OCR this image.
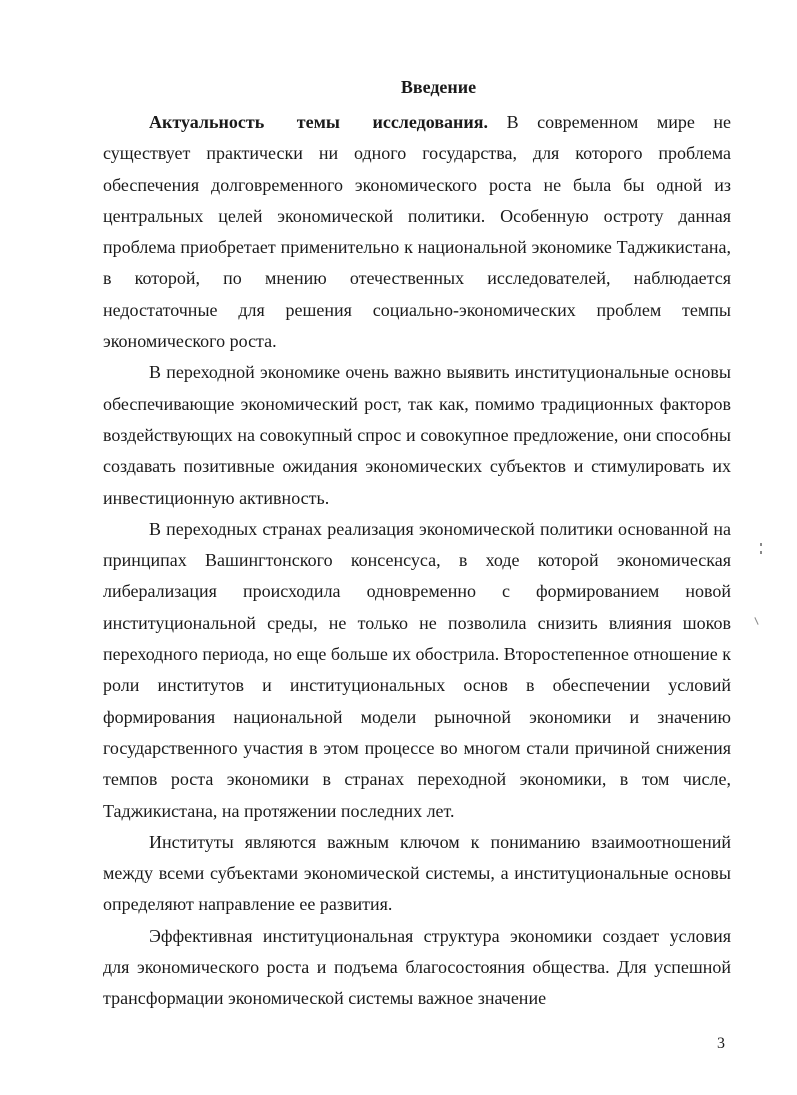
Введение

Актуальность темы исследования. В современном мире не существует практически ни одного государства, для которого проблема обеспечения долговременного экономического роста не была бы одной из центральных целей экономической политики. Особенную остроту данная проблема приобретает применительно к национальной экономике Таджикистана, в которой, по мнению отечественных исследователей, наблюдается недостаточные для решения социально-экономических проблем темпы экономического роста.

В переходной экономике очень важно выявить институциональные основы обеспечивающие экономический рост, так как, помимо традиционных факторов воздействующих на совокупный спрос и совокупное предложение, они способны создавать позитивные ожидания экономических субъектов и стимулировать их инвестиционную активность.

В переходных странах реализация экономической политики основанной на принципах Вашингтонского консенсуса, в ходе которой экономическая либерализация происходила одновременно с формированием новой институциональной среды, не только не позволила снизить влияния шоков переходного периода, но еще больше их обострила. Второстепенное отношение к роли институтов и институциональных основ в обеспечении условий формирования национальной модели рыночной экономики и значению государственного участия в этом процессе во многом стали причиной снижения темпов роста экономики в странах переходной экономики, в том числе, Таджикистана, на протяжении последних лет.

Институты являются важным ключом к пониманию взаимоотношений между всеми субъектами экономической системы, а институциональные основы определяют направление ее развития.

Эффективная институциональная структура экономики создает условия для экономического роста и подъема благосостояния общества. Для успешной трансформации экономической системы важное значение

3
